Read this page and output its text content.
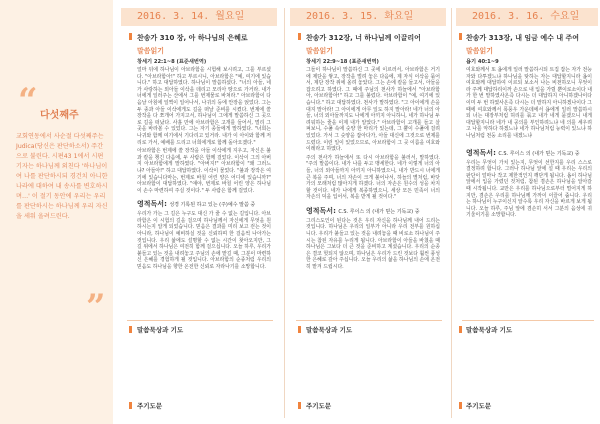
“ 다섯째주
교회연동에서 사순절 다섯째주는 Judica(당신은 판단하소서) 주간으로 불린다. 시편43 1에서 시편기자는 하나님께 외친다 '하나님이여 나를 판단하시되 경건치 아니한 나라에 대하여 내 송사를 변호하시며…' 이 절기 동안에 우리는 우리를 판단하시는 하나님께 우리 자신을 세워 올려드린다.
”
2016. 3. 14. 월요일
찬송가 310 장, 아 하나님의 은혜로
말씀읽기
창세기 22:1~8 (표준새번역)
얼마 뒤에 하나님이 아브라함을 시험해 보시려고, 그를 부르셨다. "아브라함아!" 하고 부르시니, 아브라함은 "예, 여기에 있습니다." 하고 대답하였다. 하나님이 말씀하셨다. "너의 아들, 네가 사랑하는 외아들 이삭을 데리고 모리아 땅으로 가거라. 내가 너에게 일러주는 산에서 그를 번제물로 바쳐라." 아브라함이 다음날 아침에 일찍이 일어나서, 나귀의 등에 안장을 얹었다. 그는 두 종과 아들 이삭에게도 길을 떠날 준비를 시켰다. 번제에 쓸 장작을 다 쪼개어 가지고서, 하나님이 그에게 말씀하신 그 곳으로 길을 떠났다. 사흘 만에 아브라함은 고개를 들어서, 멀리 그 곳을 바라볼 수 있었다. 그는 자기 종들에게 말하였다. "너희는 나귀와 함께 여기에서 기다리고 있거라. 내가 이 아이와 함께 저리로 가서, 예배를 드리고 너희에게로 함께 돌아오겠다."
아브라함은 번제에 쓸 장작을 아들 이삭에게 지우고, 자신은 불과 칼을 챙긴 다음에, 두 사람은 함께 걸었다. 이삭이 그의 아버지 아브라함에게 말하였다. "아버지!" 아브라함이 "왜 그러느냐? 아들아!" 하고 대답하였다. 이삭이 물었다. "불과 장작은 여기에 있습니다마는, 번제로 바칠 어린 양은 어디에 있습니까?" 아브라함이 대답하였다. "얘야, 번제로 바칠 어린 양은 하나님이 손수 마련하여 주실 것이다." 두 사람은 함께 걸었다.
영적독서: 성경 기록된 하고 있는 (주)예수 말씀 중
우리가 가는 그 길은 누구도 대신 가 줄 수 없는 길입니다. 아브라함은 이 시험의 길을 걸으며 하나님께서 자신에게 무엇을 원하시는지 알게 되었습니다. 믿음은 결과를 미리 보고 걷는 것이 아니라, 하나님이 예비하실 것을 신뢰하며 한 걸음씩 나아가는 것입니다. 우리 삶에도 설명할 수 없는 시간이 찾아오지만, 그 길 위에서 하나님은 여전히 함께 걸으십니다. 오늘 하루, 우리가 붙들고 있는 것을 내려놓고 주님의 손에 맡길 때, 그분이 마련하신 은혜를 경험하게 될 것입니다. 아브라함의 순종처럼 우리의 믿음도 하나님을 향한 온전한 신뢰로 자라나기를 소망합니다.
말씀묵상과 기도
주기도문
2016. 3. 15. 화요일
찬송가 312장, 너 하나님께 이끌리어
말씀읽기
창세기 22:9~18 (표준새번역)
그들이 하나님이 말씀하신 그 곳에 이르러서, 아브라함은 거기에 제단을 쌓고, 장작을 벌려 놓은 다음에, 제 자식 이삭을 묶어서, 제단 장작 위에 올려 놓았다. 그는 손에 칼을 들고서, 아들을 잡으려고 하였다. 그 때에 주님의 천사가 하늘에서 "아브라함아, 아브라함아!" 하고 그를 불렀다. 아브라함이 "예, 여기에 있습니다." 하고 대답하였다. 천사가 말하였다. "그 아이에게 손을 대지 말아라! 그 아이에게 아무 일도 하지 말아라! 네가 너의 아들, 너의 외아들까지도 나에게 아끼지 아니하니, 네가 하나님 두려워하는 줄을 이제 내가 알았다." 아브라함이 고개를 들고 살펴보니, 수풀 속에 숫양 한 마리가 있는데, 그 뿔이 수풀에 걸려 있었다. 가서 그 숫양을 잡아다가, 아들 대신에 그것으로 번제를 드렸다. 이런 일이 있었으므로, 아브라함이 그 곳 이름을 여호와이레라고 하였다.
주의 천사가 하늘에서 또 다시 아브라함을 불러서, 말하였다. "주의 말씀이다. 내가 나를 두고 맹세한다. 네가 이렇게 너의 아들, 너의 외아들까지 아끼지 아니하였으니, 내가 반드시 너에게 큰 복을 주며, 너의 자손이 크게 불어나서, 하늘의 별처럼, 바닷가의 모래처럼 많아지게 하겠다. 너의 자손은 원수의 성을 차지할 것이다. 네가 나에게 복종하였으니, 세상 모든 민족이 너의 자손의 덕을 입어서, 복을 받게 될 것이다."
영적독서: C.S. 루이스 의 (내가 믿는 기독교) 중
그리스도인이 된다는 것은 우리 자신을 하나님께 내어 드리는 것입니다. 하나님은 우리의 일부가 아니라 우리 전부를 원하십니다. 우리가 붙들고 있는 것을 내려놓을 때 비로소 하나님이 주시는 참된 자유를 누리게 됩니다. 아브라함이 아들을 바쳤을 때 하나님은 그보다 더 큰 것을 준비하고 계셨습니다. 우리의 순종은 결코 헛되지 않으며, 하나님은 우리가 드린 것보다 훨씬 풍성한 은혜로 갚아 주십니다. 오늘 우리의 삶을 하나님의 손에 온전히 맡겨 드립시다.
말씀묵상과 기도
주기도문
2016. 3. 16. 수요일
찬송가 313장, 내 임금 예수 내 주여
말씀읽기
욥기 40:1~9
여호와께서 또 욥에게 일러 말씀하시되 트집 잡는 자가 전능자와 다투겠느냐 하나님을 탓하는 자는 대답할지니라 욥이 여호와께 대답하여 이르되 보소서 나는 비천하오니 무엇이라 주께 대답하리이까 손으로 내 입을 가릴 뿐이로소이다 내가 한 번 말하였사온즉 다시는 더 대답하지 아니하겠나이다 이미 두 번 하였사온즉 다시는 더 말하지 아니하겠나이다 그 때에 여호와께서 폭풍우 가운데에서 욥에게 일러 말씀하시되 너는 대장부처럼 허리를 묶고 내가 네게 묻겠으니 내게 대답할지니라 네가 내 공의를 부인하려느냐 네 의를 세우려고 나를 악하다 하겠느냐 네가 하나님처럼 능력이 있느냐 하나님처럼 천둥 소리를 내겠느냐
영적독서: C.S. 루이스 의 (내가 믿는 기독교) 중
우리는 무엇이 가치 있는지, 무엇이 선한지를 우리 스스로 결정하려 합니다. 그러나 하나님 앞에 설 때 우리는 우리의 판단이 얼마나 작고 제한적인지 깨닫게 됩니다. 욥이 하나님 앞에서 입을 가렸던 것처럼, 참된 겸손은 하나님을 알아갈 때 시작됩니다. 교만은 우리를 하나님으로부터 멀어지게 하지만, 겸손은 우리를 하나님께 가까이 이끌어 줍니다. 우리는 하나님이 누구이신지 알수록 우리 자신을 바르게 보게 됩니다. 오늘 하루, 주님 앞에 겸손히 서서 그분의 음성에 귀 기울이기를 소망합니다.
말씀묵상과 기도
주기도문
